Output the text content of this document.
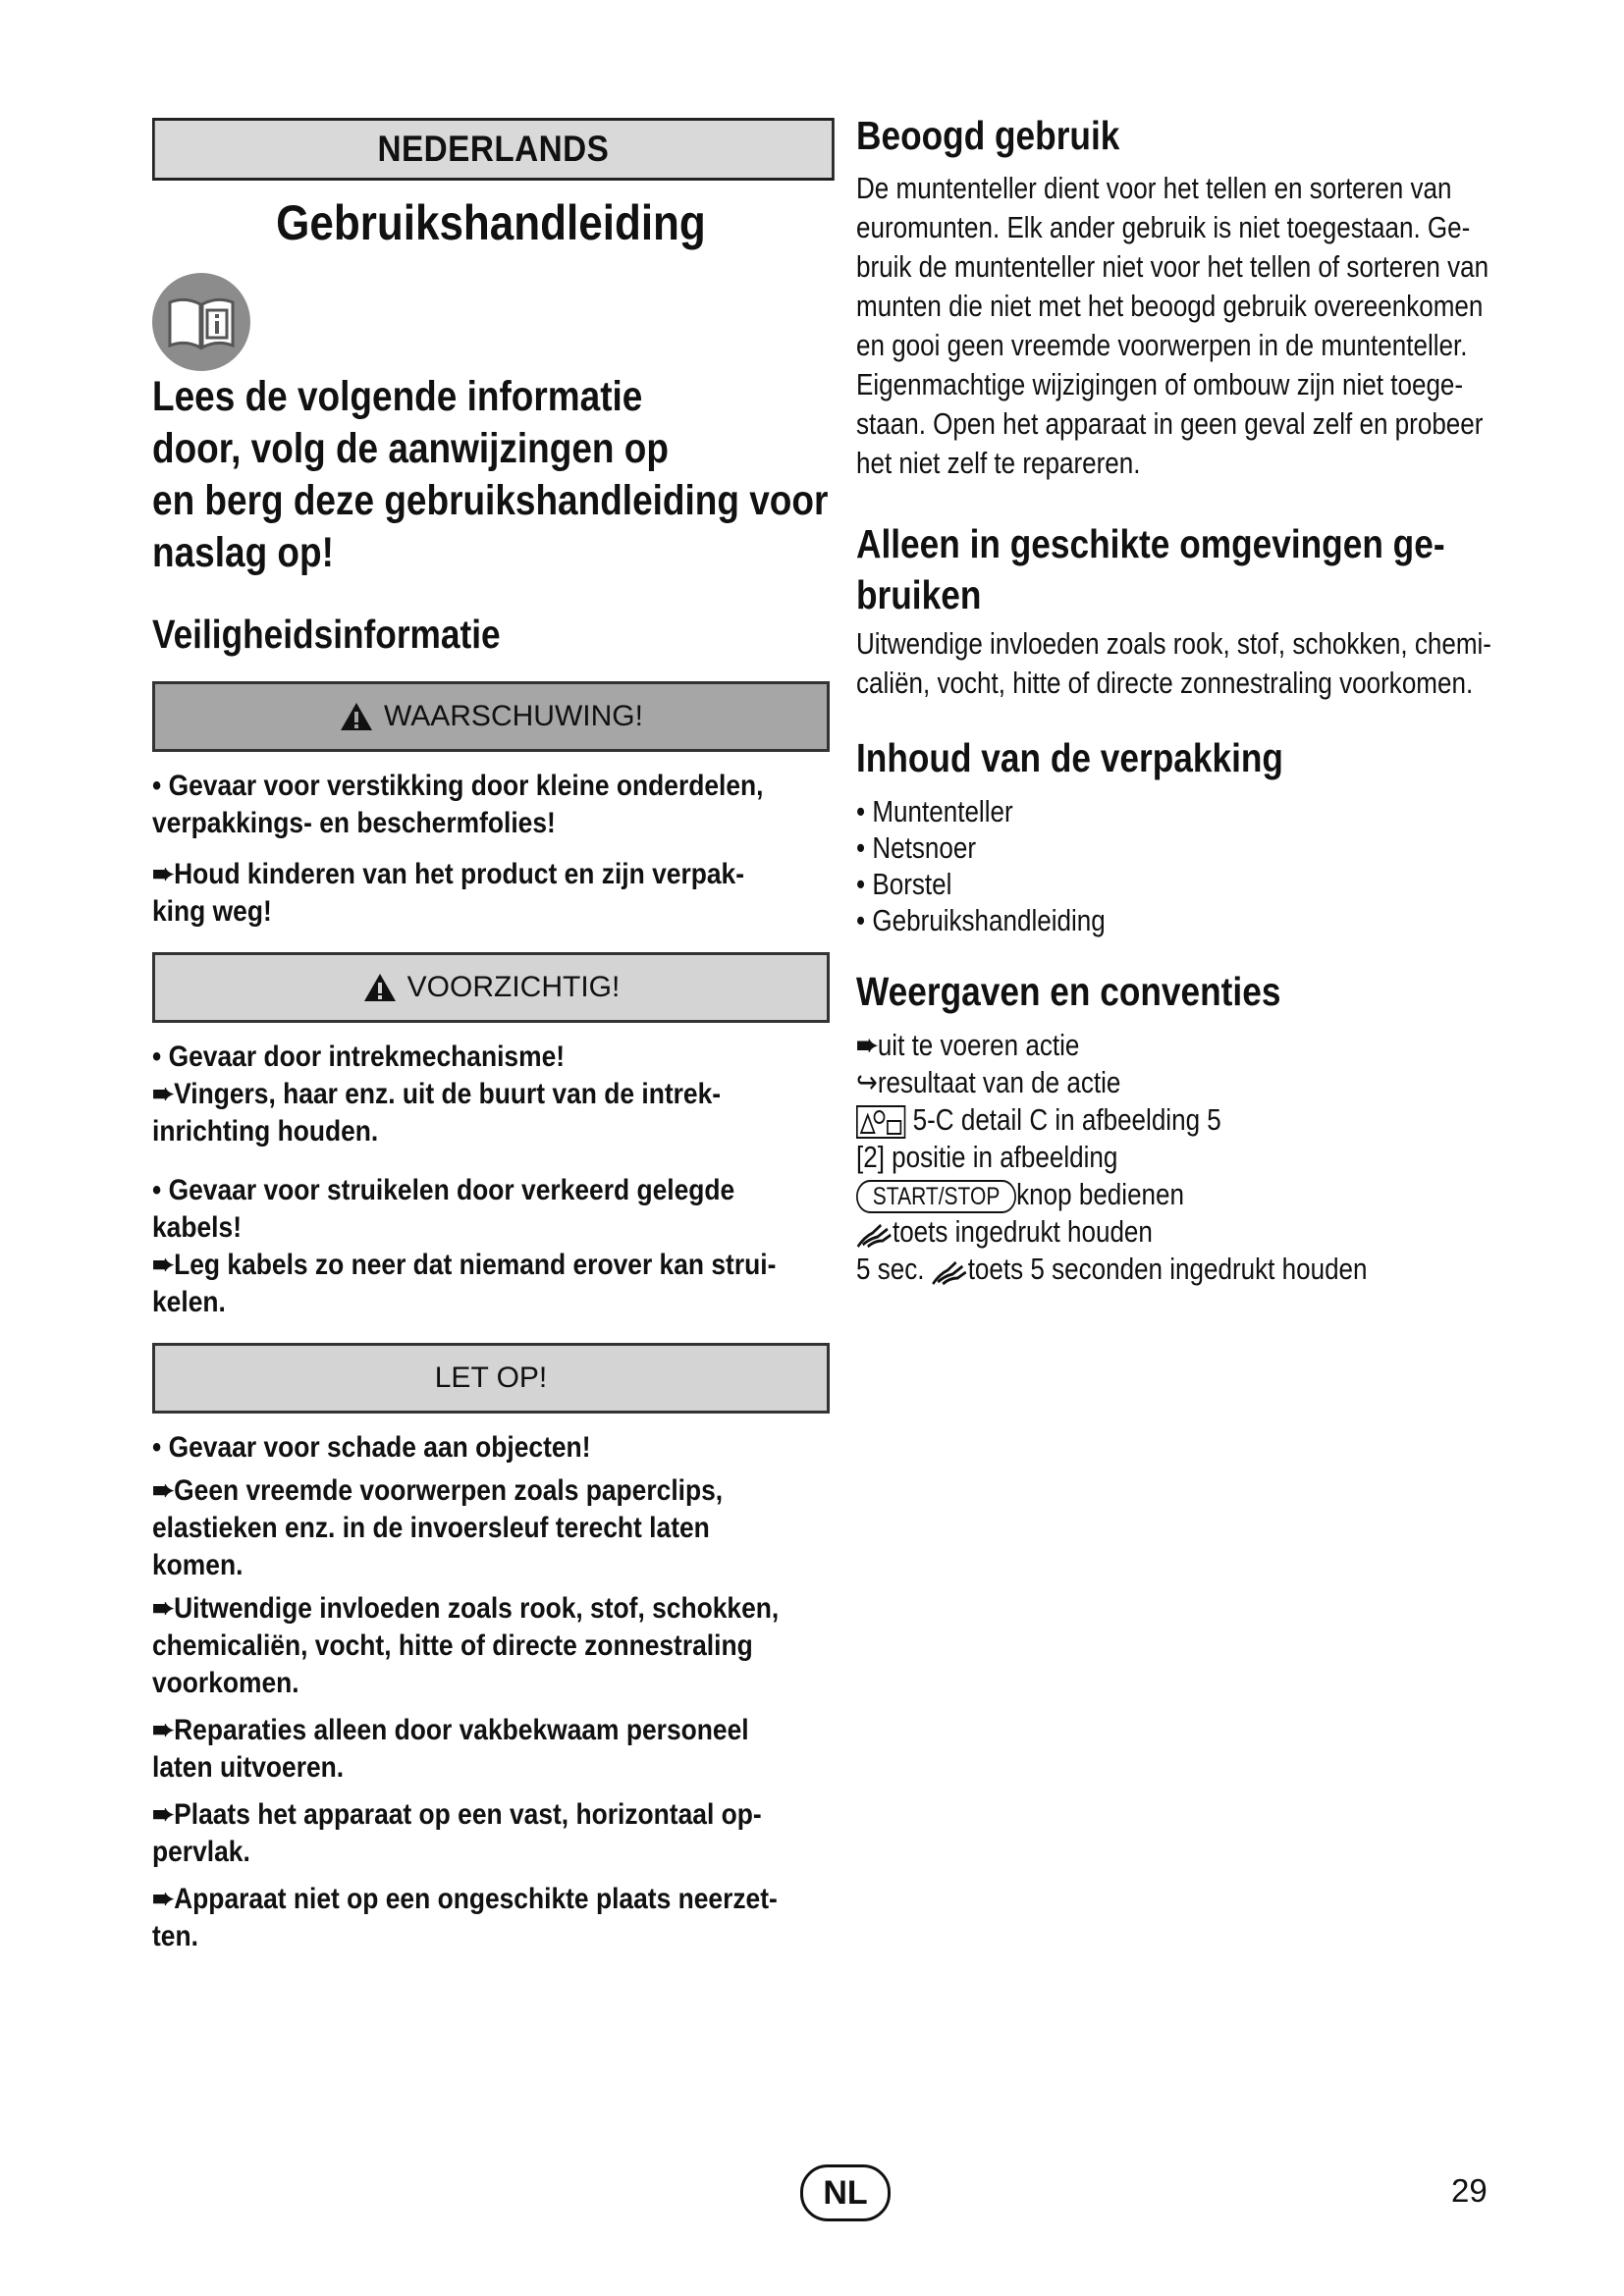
NEDERLANDS
Gebruikshandleiding
Lees de volgende informatie
door, volg de aanwijzingen op
en berg deze gebruikshandleiding voor
naslag op!
Veiligheidsinformatie
WAARSCHUWING!
• Gevaar voor verstikking door kleine onderdelen,
verpakkings- en beschermfolies!
➨Houd kinderen van het product en zijn verpak-
king weg!
VOORZICHTIG!
• Gevaar door intrekmechanisme!
➨Vingers, haar enz. uit de buurt van de intrek-
inrichting houden.
• Gevaar voor struikelen door verkeerd gelegde
kabels!
➨Leg kabels zo neer dat niemand erover kan strui-
kelen.
LET OP!
• Gevaar voor schade aan objecten!
➨Geen vreemde voorwerpen zoals paperclips,
elastieken enz. in de invoersleuf terecht laten
komen.
➨Uitwendige invloeden zoals rook, stof, schokken,
chemicaliën, vocht, hitte of directe zonnestraling
voorkomen.
➨Reparaties alleen door vakbekwaam personeel
laten uitvoeren.
➨Plaats het apparaat op een vast, horizontaal op-
pervlak.
➨Apparaat niet op een ongeschikte plaats neerzet-
ten.
Beoogd gebruik
De muntenteller dient voor het tellen en sorteren van
euromunten. Elk ander gebruik is niet toegestaan. Ge-
bruik de muntenteller niet voor het tellen of sorteren van
munten die niet met het beoogd gebruik overeenkomen
en gooi geen vreemde voorwerpen in de muntenteller.
Eigenmachtige wijzigingen of ombouw zijn niet toege-
staan. Open het apparaat in geen geval zelf en probeer
het niet zelf te repareren.
Alleen in geschikte omgevingen ge-
bruiken
Uitwendige invloeden zoals rook, stof, schokken, chemi-
caliën, vocht, hitte of directe zonnestraling voorkomen.
Inhoud van de verpakking
• Muntenteller
• Netsnoer
• Borstel
• Gebruikshandleiding
Weergaven en conventies
➨uit te voeren actie
↪resultaat van de actie
5-C detail C in afbeelding 5
[2] positie in afbeelding
START/STOP knop bedienen
toets ingedrukt houden
5 sec. toets 5 seconden ingedrukt houden
NL	29
